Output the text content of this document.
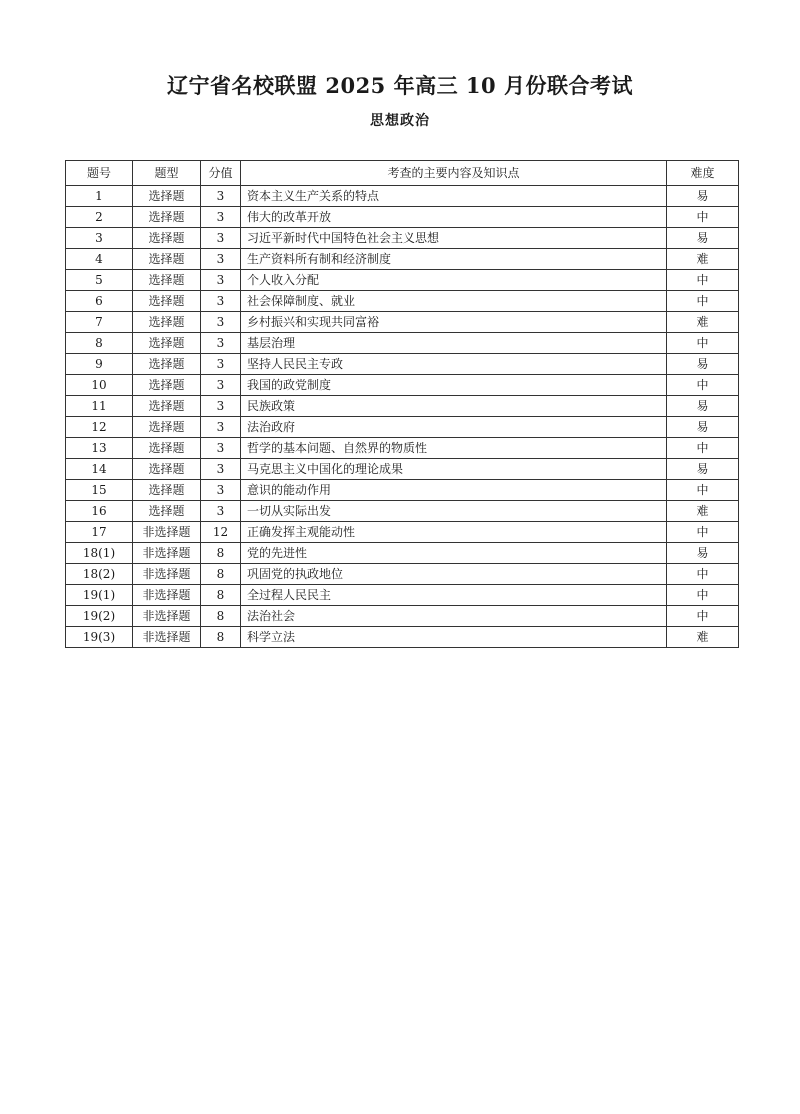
辽宁省名校联盟 2025 年高三 10 月份联合考试
思想政治
题号	题型	分值	考查的主要内容及知识点	难度
1	选择题	3	资本主义生产关系的特点	易
2	选择题	3	伟大的改革开放	中
3	选择题	3	习近平新时代中国特色社会主义思想	易
4	选择题	3	生产资料所有制和经济制度	难
5	选择题	3	个人收入分配	中
6	选择题	3	社会保障制度、就业	中
7	选择题	3	乡村振兴和实现共同富裕	难
8	选择题	3	基层治理	中
9	选择题	3	坚持人民民主专政	易
10	选择题	3	我国的政党制度	中
11	选择题	3	民族政策	易
12	选择题	3	法治政府	易
13	选择题	3	哲学的基本问题、自然界的物质性	中
14	选择题	3	马克思主义中国化的理论成果	易
15	选择题	3	意识的能动作用	中
16	选择题	3	一切从实际出发	难
17	非选择题	12	正确发挥主观能动性	中
18(1)	非选择题	8	党的先进性	易
18(2)	非选择题	8	巩固党的执政地位	中
19(1)	非选择题	8	全过程人民民主	中
19(2)	非选择题	8	法治社会	中
19(3)	非选择题	8	科学立法	难
